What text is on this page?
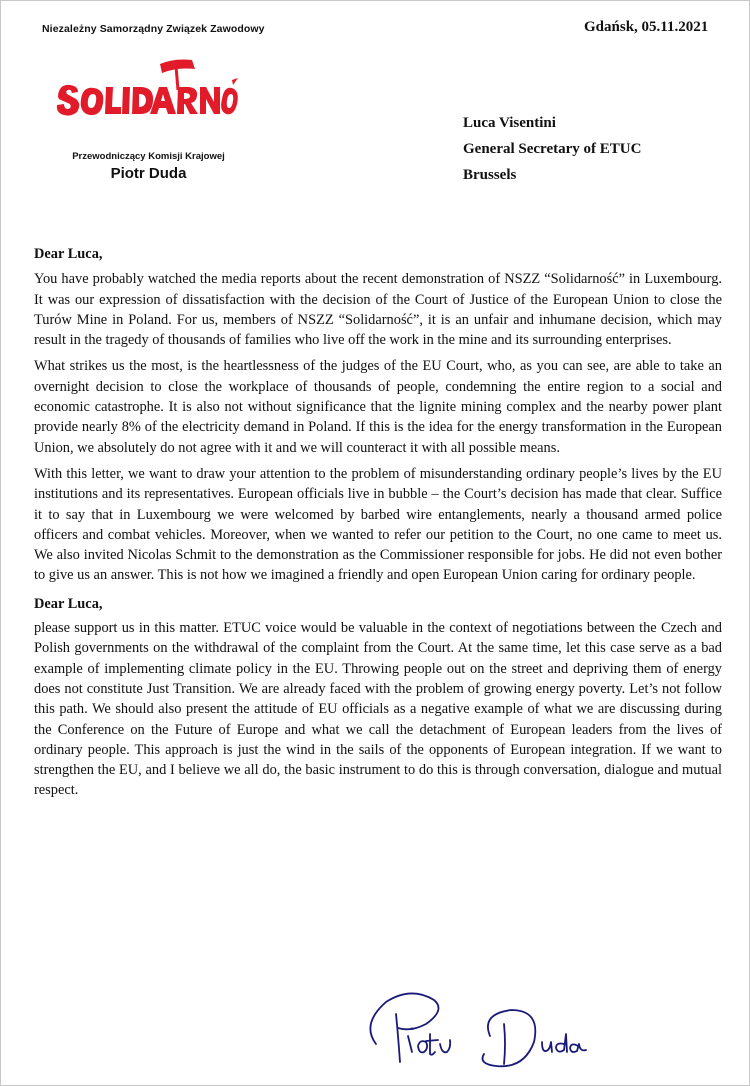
Niezależny Samorządny Związek Zawodowy	Gdańsk, 05.11.2021
Przewodniczący Komisji Krajowej
Piotr Duda
Luca Visentini
General Secretary of ETUC
Brussels

Dear Luca,

You have probably watched the media reports about the recent demonstration of NSZZ “Solidarność” in Luxembourg. It was our expression of dissatisfaction with the decision of the Court of Justice of the European Union to close the Turów Mine in Poland. For us, members of NSZZ “Solidarność”, it is an unfair and inhumane decision, which may result in the tragedy of thousands of families who live off the work in the mine and its surrounding enterprises.

What strikes us the most, is the heartlessness of the judges of the EU Court, who, as you can see, are able to take an overnight decision to close the workplace of thousands of people, condemning the entire region to a social and economic catastrophe. It is also not without significance that the lignite mining complex and the nearby power plant provide nearly 8% of the electricity demand in Poland. If this is the idea for the energy transformation in the European Union, we absolutely do not agree with it and we will counteract it with all possible means.

With this letter, we want to draw your attention to the problem of misunderstanding ordinary people’s lives by the EU institutions and its representatives. European officials live in bubble – the Court’s decision has made that clear. Suffice it to say that in Luxembourg we were welcomed by barbed wire entanglements, nearly a thousand armed police officers and combat vehicles. Moreover, when we wanted to refer our petition to the Court, no one came to meet us. We also invited Nicolas Schmit to the demonstration as the Commissioner responsible for jobs. He did not even bother to give us an answer. This is not how we imagined a friendly and open European Union caring for ordinary people.

Dear Luca,

please support us in this matter. ETUC voice would be valuable in the context of negotiations between the Czech and Polish governments on the withdrawal of the complaint from the Court. At the same time, let this case serve as a bad example of implementing climate policy in the EU. Throwing people out on the street and depriving them of energy does not constitute Just Transition. We are already faced with the problem of growing energy poverty. Let’s not follow this path. We should also present the attitude of EU officials as a negative example of what we are discussing during the Conference on the Future of Europe and what we call the detachment of European leaders from the lives of ordinary people. This approach is just the wind in the sails of the opponents of European integration. If we want to strengthen the EU, and I believe we all do, the basic instrument to do this is through conversation, dialogue and mutual respect.
